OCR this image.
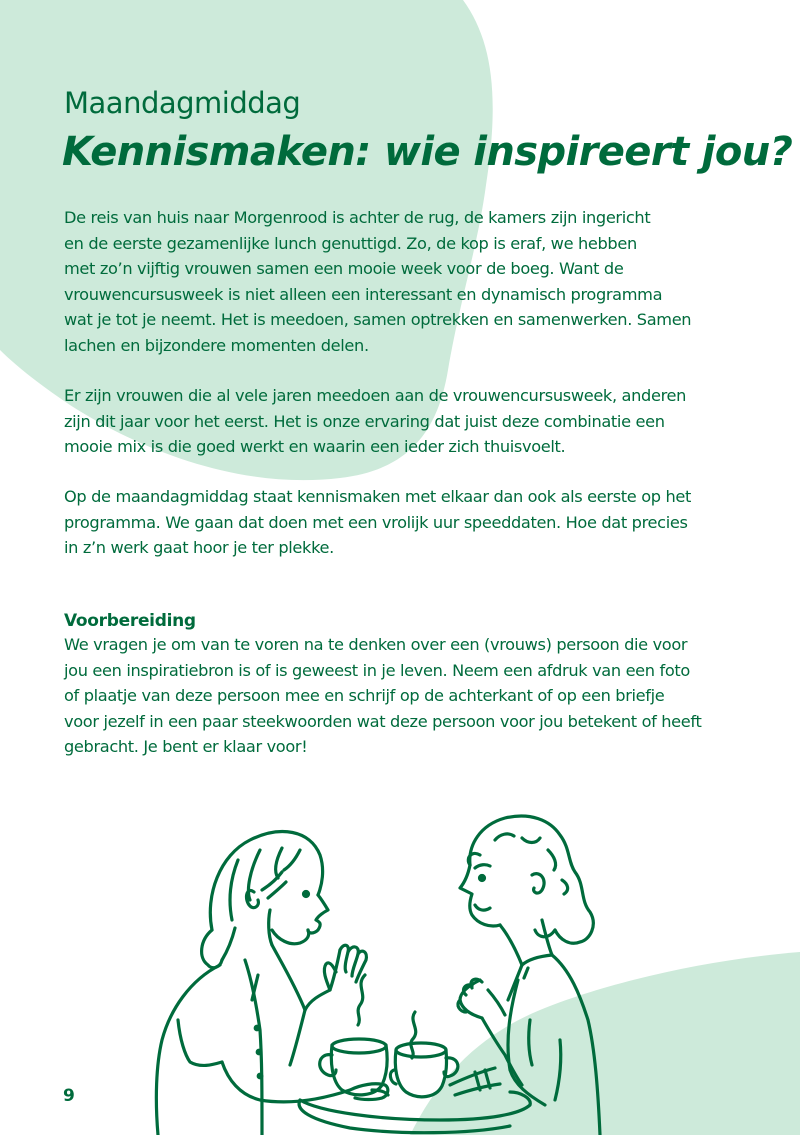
Maandagmiddag
Kennismaken: wie inspireert jou?

De reis van huis naar Morgenrood is achter de rug, de kamers zijn ingericht
en de eerste gezamenlijke lunch genuttigd. Zo, de kop is eraf, we hebben
met zo’n vijftig vrouwen samen een mooie week voor de boeg. Want de
vrouwencursusweek is niet alleen een interessant en dynamisch programma
wat je tot je neemt. Het is meedoen, samen optrekken en samenwerken. Samen
lachen en bijzondere momenten delen.

Er zijn vrouwen die al vele jaren meedoen aan de vrouwencursusweek, anderen
zijn dit jaar voor het eerst. Het is onze ervaring dat juist deze combinatie een
mooie mix is die goed werkt en waarin een ieder zich thuisvoelt.

Op de maandagmiddag staat kennismaken met elkaar dan ook als eerste op het
programma. We gaan dat doen met een vrolijk uur speeddaten. Hoe dat precies
in z’n werk gaat hoor je ter plekke.

Voorbereiding

We vragen je om van te voren na te denken over een (vrouws) persoon die voor
jou een inspiratiebron is of is geweest in je leven. Neem een afdruk van een foto
of plaatje van deze persoon mee en schrijf op de achterkant of op een briefje
voor jezelf in een paar steekwoorden wat deze persoon voor jou betekent of heeft
gebracht. Je bent er klaar voor!

9
